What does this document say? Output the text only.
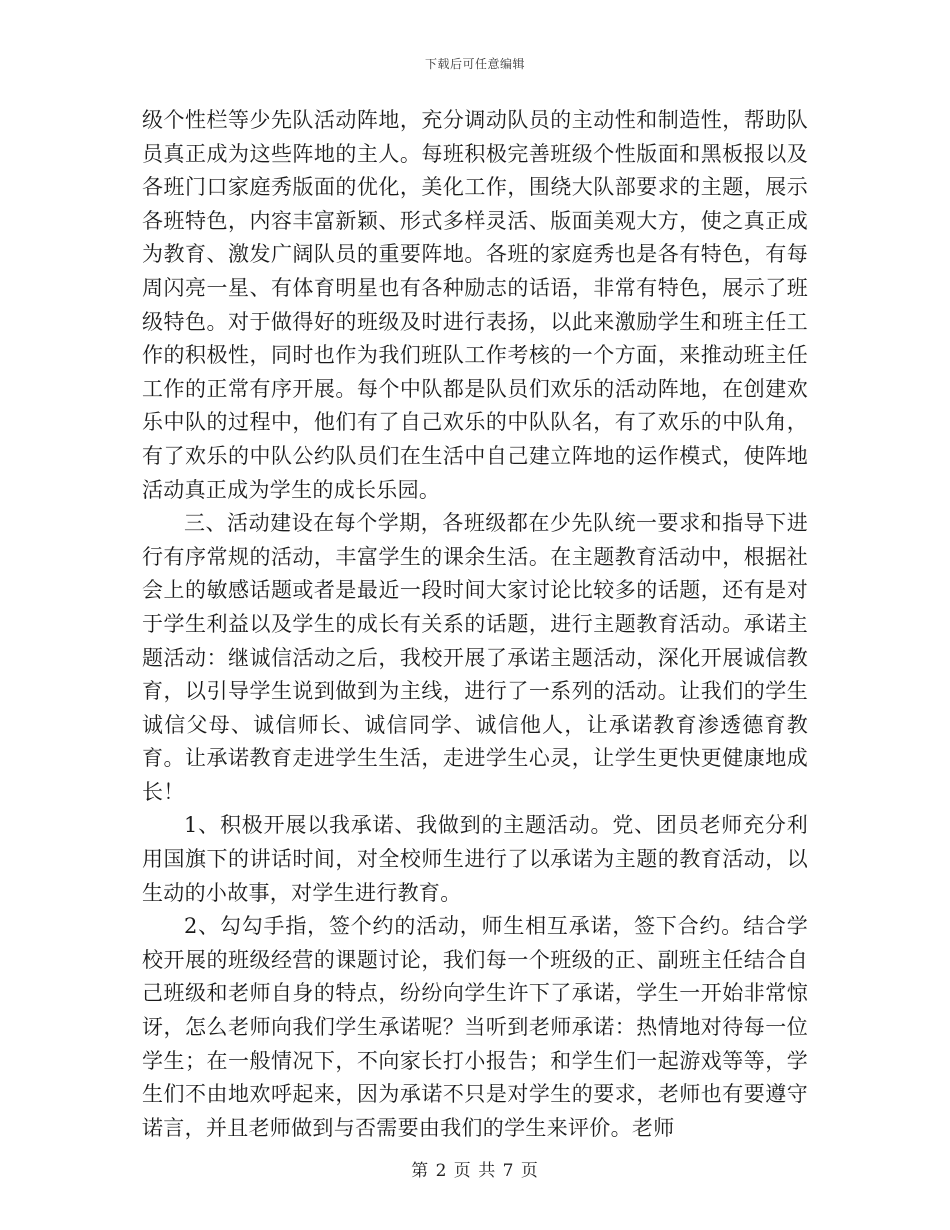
下载后可任意编辑

级个性栏等少先队活动阵地，充分调动队员的主动性和制造性，帮助队员真正成为这些阵地的主人。每班积极完善班级个性版面和黑板报以及各班门口家庭秀版面的优化，美化工作，围绕大队部要求的主题，展示各班特色，内容丰富新颖、形式多样灵活、版面美观大方，使之真正成为教育、激发广阔队员的重要阵地。各班的家庭秀也是各有特色，有每周闪亮一星、有体育明星也有各种励志的话语，非常有特色，展示了班级特色。对于做得好的班级及时进行表扬，以此来激励学生和班主任工作的积极性，同时也作为我们班队工作考核的一个方面，来推动班主任工作的正常有序开展。每个中队都是队员们欢乐的活动阵地，在创建欢乐中队的过程中，他们有了自己欢乐的中队队名，有了欢乐的中队角，有了欢乐的中队公约队员们在生活中自己建立阵地的运作模式，使阵地活动真正成为学生的成长乐园。

三、活动建设在每个学期，各班级都在少先队统一要求和指导下进行有序常规的活动，丰富学生的课余生活。在主题教育活动中，根据社会上的敏感话题或者是最近一段时间大家讨论比较多的话题，还有是对于学生利益以及学生的成长有关系的话题，进行主题教育活动。承诺主题活动：继诚信活动之后，我校开展了承诺主题活动，深化开展诚信教育，以引导学生说到做到为主线，进行了一系列的活动。让我们的学生诚信父母、诚信师长、诚信同学、诚信他人，让承诺教育渗透德育教育。让承诺教育走进学生生活，走进学生心灵，让学生更快更健康地成长！

1、积极开展以我承诺、我做到的主题活动。党、团员老师充分利用国旗下的讲话时间，对全校师生进行了以承诺为主题的教育活动，以生动的小故事，对学生进行教育。

2、勾勾手指，签个约的活动，师生相互承诺，签下合约。结合学校开展的班级经营的课题讨论，我们每一个班级的正、副班主任结合自己班级和老师自身的特点，纷纷向学生许下了承诺，学生一开始非常惊讶，怎么老师向我们学生承诺呢？当听到老师承诺：热情地对待每一位学生；在一般情况下，不向家长打小报告；和学生们一起游戏等等，学生们不由地欢呼起来，因为承诺不只是对学生的要求，老师也有要遵守诺言，并且老师做到与否需要由我们的学生来评价。老师

第 2 页 共 7 页
